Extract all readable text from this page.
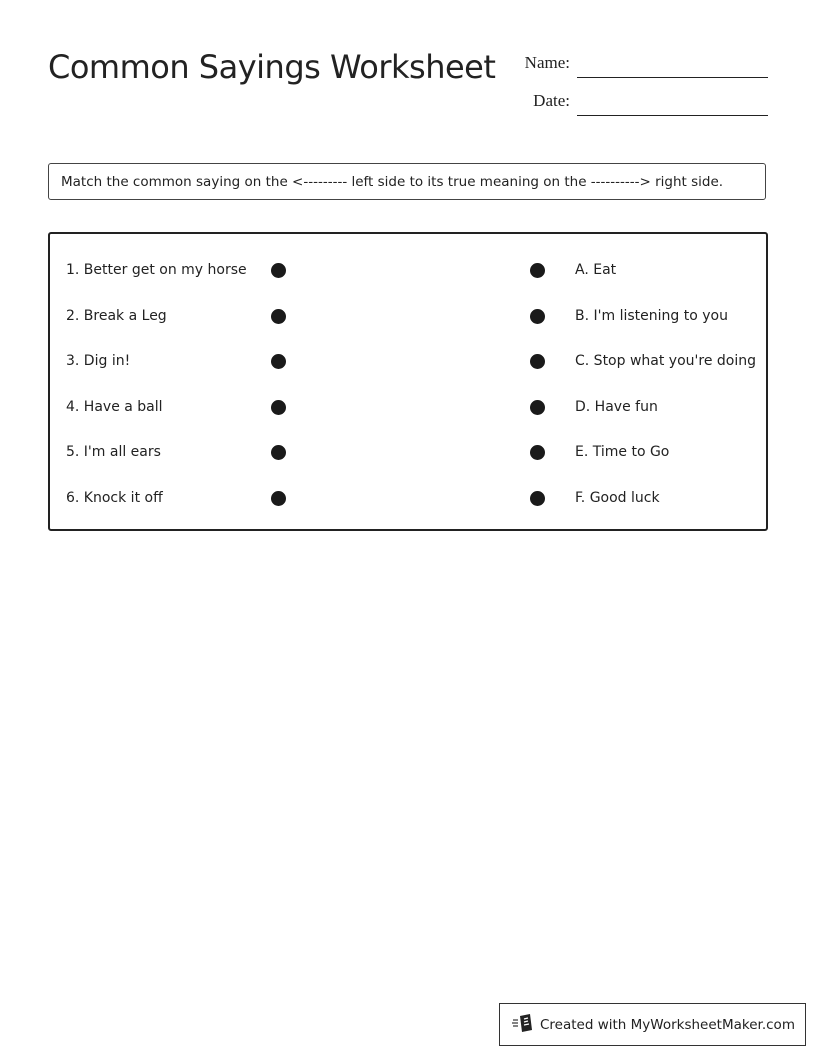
Common Sayings Worksheet	Name:
Date:
Match the common saying on the <--------- left side to its true meaning on the ----------> right side.
1. Better get on my horse	A. Eat
2. Break a Leg	B. I'm listening to you
3. Dig in!	C. Stop what you're doing
4. Have a ball	D. Have fun
5. I'm all ears	E. Time to Go
6. Knock it off	F. Good luck
Created with MyWorksheetMaker.com
